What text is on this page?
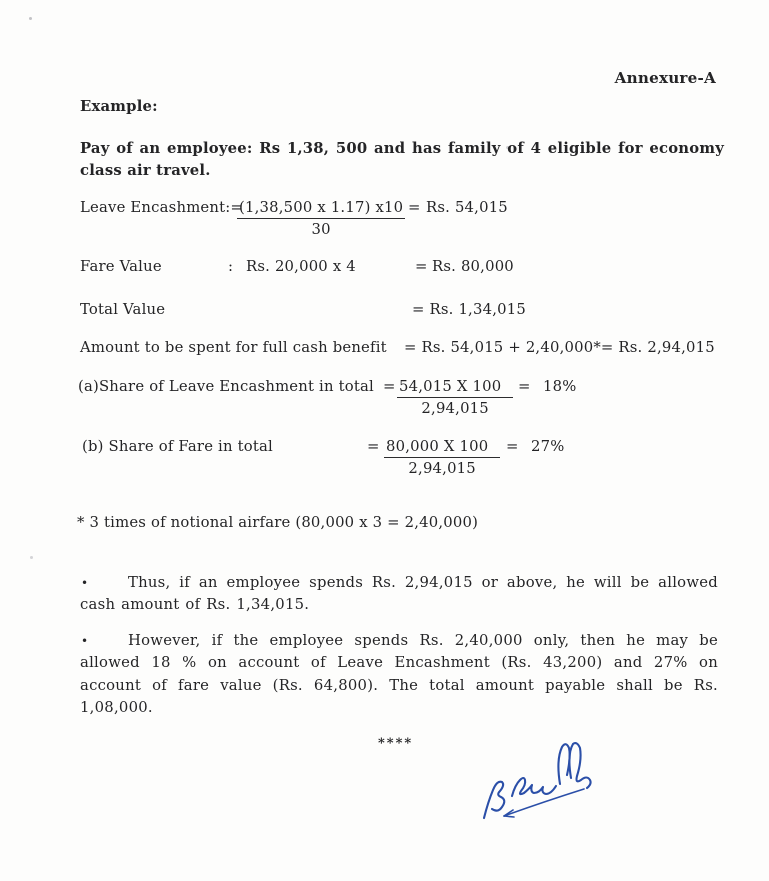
Annexure-A
Example:

Pay of an employee: Rs 1,38, 500 and has family of 4 eligible for economy class air travel.

Leave Encashment:=
$\frac{(1,38,500 x 1.17) x10}{30} = Rs$. 54,015
Fare Value	: Rs. 20,000 x 4	= Rs. 80,000
Total Value	= Rs. 1,34,015
Amount to be spent for full cash benefit = Rs. 54,015 + 2,40,000*= Rs. 2,94,015
(a)Share of Leave Encashment in total = $\frac{54,015 X 100}{2,94,015} = 18\%$
(b) Share of Fare in total	= $\frac{80,000 X 100}{2,94,015} = 27\%$
* 3 times of notional airfare (80,000 x 3 = 2,40,000)
•	Thus, if an employee spends Rs. 2,94,015 or above, he will be allowed cash amount of Rs. 1,34,015.

•	However, if the employee spends Rs. 2,40,000 only, then he may be allowed 18 % on account of Leave Encashment (Rs. 43,200) and 27% on account of fare value (Rs. 64,800). The total amount payable shall be Rs. 1,08,000.

****
